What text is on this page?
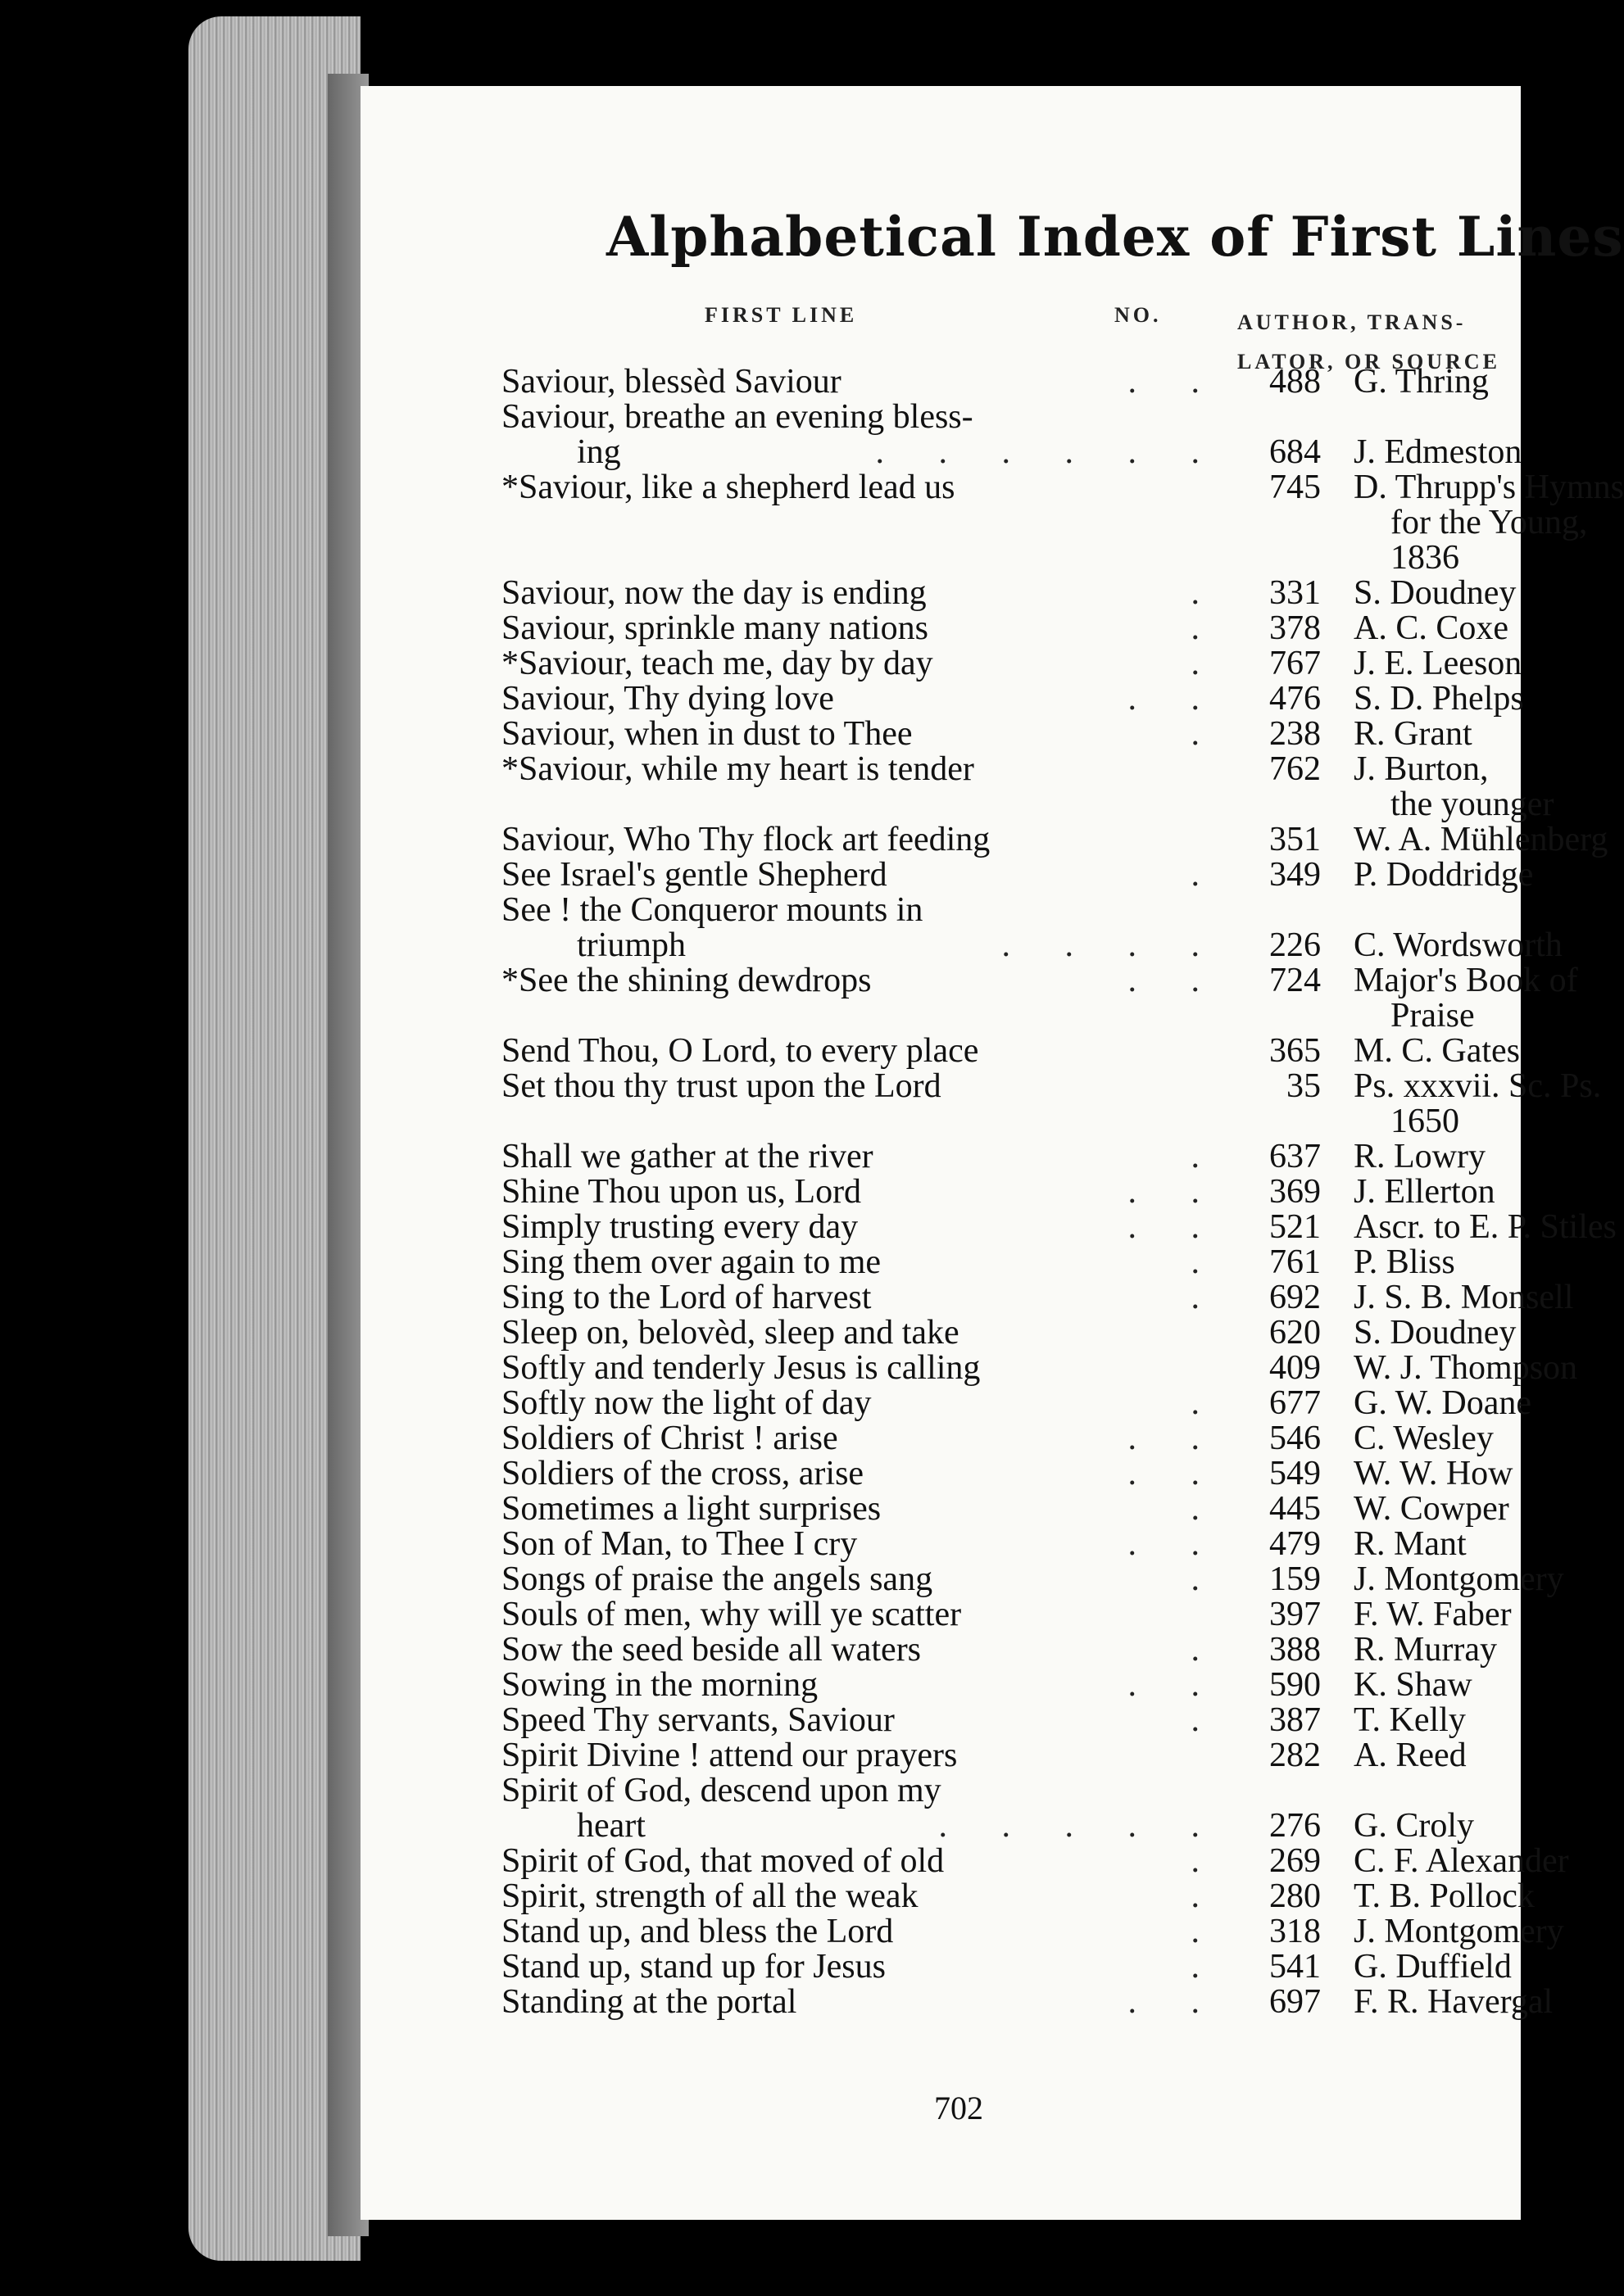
Alphabetical Index of First Lines
FIRST LINE	NO.	AUTHOR, TRANS-
LATOR, OR SOURCE
Saviour, blessèd Saviour	. .	488 G. Thring
Saviour, breathe an evening bless-
ing	. . . . . .	684 J. Edmeston
*Saviour, like a shepherd lead us	745 D. Thrupp's Hymns
for the Young,
1836
Saviour, now the day is ending	.	331 S. Doudney
Saviour, sprinkle many nations	.	378 A. C. Coxe
*Saviour, teach me, day by day	.	767 J. E. Leeson
Saviour, Thy dying love	. .	476 S. D. Phelps
Saviour, when in dust to Thee	.	238 R. Grant
*Saviour, while my heart is tender	762 J. Burton,
the younger
Saviour, Who Thy flock art feeding	351 W. A. Mühlenberg
See Israel's gentle Shepherd	.	349 P. Doddridge
See ! the Conqueror mounts in
triumph	. . . .	226 C. Wordsworth
*See the shining dewdrops	. .	724 Major's Book of
Praise
Send Thou, O Lord, to every place	365 M. C. Gates
Set thou thy trust upon the Lord	35 Ps. xxxvii. Sc. Ps.
1650
Shall we gather at the river	.	637 R. Lowry
Shine Thou upon us, Lord	. .	369 J. Ellerton
Simply trusting every day	. .	521 Ascr. to E. P. Stiles
Sing them over again to me	.	761 P. Bliss
Sing to the Lord of harvest	.	692 J. S. B. Monsell
Sleep on, belovèd, sleep and take	620 S. Doudney
Softly and tenderly Jesus is calling	409 W. J. Thompson
Softly now the light of day	.	677 G. W. Doane
Soldiers of Christ ! arise	. .	546 C. Wesley
Soldiers of the cross, arise	. .	549 W. W. How
Sometimes a light surprises	.	445 W. Cowper
Son of Man, to Thee I cry	. .	479 R. Mant
Songs of praise the angels sang	.	159 J. Montgomery
Souls of men, why will ye scatter	397 F. W. Faber
Sow the seed beside all waters	.	388 R. Murray
Sowing in the morning	. .	590 K. Shaw
Speed Thy servants, Saviour	.	387 T. Kelly
Spirit Divine ! attend our prayers	282 A. Reed
Spirit of God, descend upon my
heart	. . . . .	276 G. Croly
Spirit of God, that moved of old	.	269 C. F. Alexander
Spirit, strength of all the weak	.	280 T. B. Pollock
Stand up, and bless the Lord	.	318 J. Montgomery
Stand up, stand up for Jesus	.	541 G. Duffield
Standing at the portal	. .	697 F. R. Havergal
702
